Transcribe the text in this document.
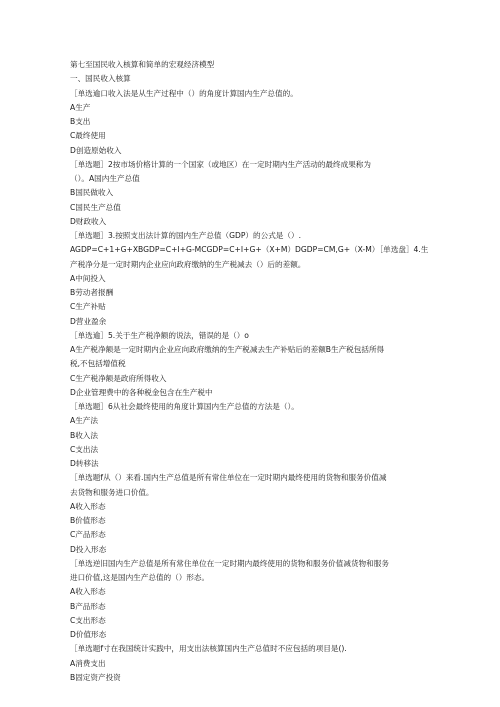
第七至国民收入核算和简单的宏观经济模型
一、国民收入核算
［单选逾口收入法是从生产过程中（）的角度计算国内生产总值的。
A生产
B支出
C最终使用
D创造原始收入
［单选题］2按市场价格计算的一个国家（或地区）在一定时期内生产活动的最终成果称为
（）。A国内生产总值
B国民做收入
C国民生产总值
D财政收入
［单选题］3.按照支出法计算的国内生产总值（GDP）的公式是（）.
AGDP=C+1+G+XBGDP=C+I+G-MCGDP=C+I+G+（X+M）DGDP=CM,G+（X-M）［单选盘］4.生
产税净分是一定时期内企业应向政府缴纳的生产税减去（）后的差额。
A中间投入
B劳动者报酬
C生产补贴
D营业盈余
［单选逾］5.关于生产税净额的说法，错误的是（）o
A生产税净额是一定时期内企业应向政府缴纳的生产税减去生产补贴后的差额B生产税包括所得
税,不包括增值税
C生产税净额是政府所得收入
D企业管理费中的各种税金包含在生产税中
［单选题］6从社会最终使用的角度计算国内生产总值的方法是（）。
A生产法
B收入法
C支出法
D转移法
［单选题f从（）来看.国内生产总值是所有常住单位在一定时期内最终使用的货物和服务价值减
去货物和服务进口价值。
A收入形态
B价值形态
C产品形态
D投入形态
［单选逆旧国内生产总值是所有常住单位在一定时期内最终使用的货物和服务价值减货物和服务
进口价值,这是国内生产总值的（）形态。
A收入形态
B产品形态
C支出形态
D价值形态
［单选题f寸在我国统计实践中，用支出法核算国内生产总值时不应包括的项目是().
A消费支出
B固定资产投资
